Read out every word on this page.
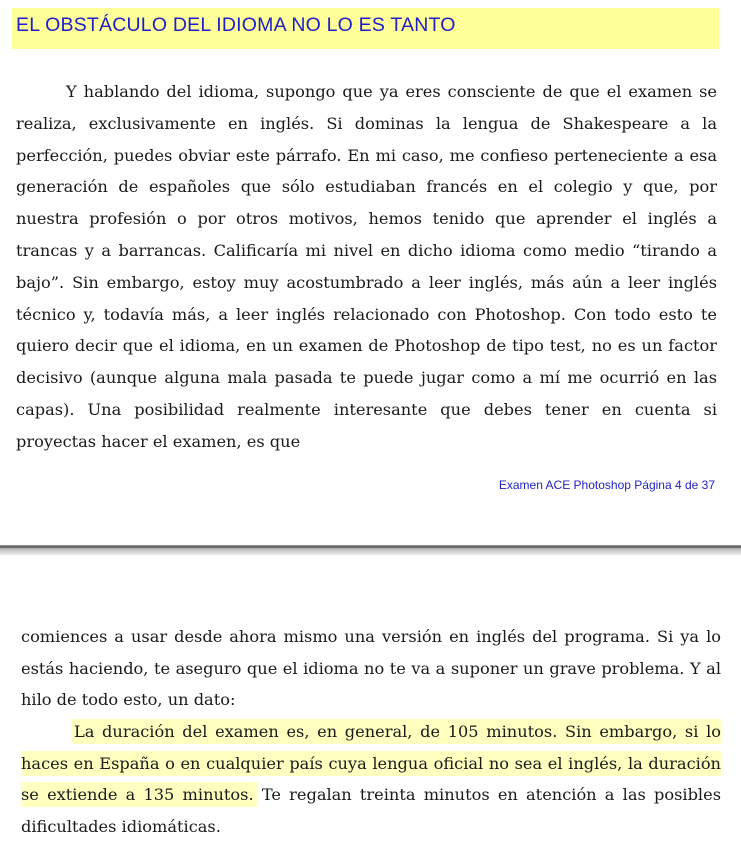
EL OBSTÁCULO DEL IDIOMA NO LO ES TANTO

Y hablando del idioma, supongo que ya eres consciente de que el examen se realiza, exclusivamente en inglés. Si dominas la lengua de Shakespeare a la perfección, puedes obviar este párrafo. En mi caso, me confieso perteneciente a esa generación de españoles que sólo estudiaban francés en el colegio y que, por nuestra profesión o por otros motivos, hemos tenido que aprender el inglés a trancas y a barrancas. Calificaría mi nivel en dicho idioma como medio “tirando a bajo”. Sin embargo, estoy muy acostumbrado a leer inglés, más aún a leer inglés técnico y, todavía más, a leer inglés relacionado con Photoshop. Con todo esto te quiero decir que el idioma, en un examen de Photoshop de tipo test, no es un factor decisivo (aunque alguna mala pasada te puede jugar como a mí me ocurrió en las capas). Una posibilidad realmente interesante que debes tener en cuenta si proyectas hacer el examen, es que

Examen ACE Photoshop Página 4 de 37

comiences a usar desde ahora mismo una versión en inglés del programa. Si ya lo estás haciendo, te aseguro que el idioma no te va a suponer un grave problema. Y al hilo de todo esto, un dato:

La duración del examen es, en general, de 105 minutos. Sin embargo, si lo haces en España o en cualquier país cuya lengua oficial no sea el inglés, la duración se extiende a 135 minutos. Te regalan treinta minutos en atención a las posibles dificultades idiomáticas.
